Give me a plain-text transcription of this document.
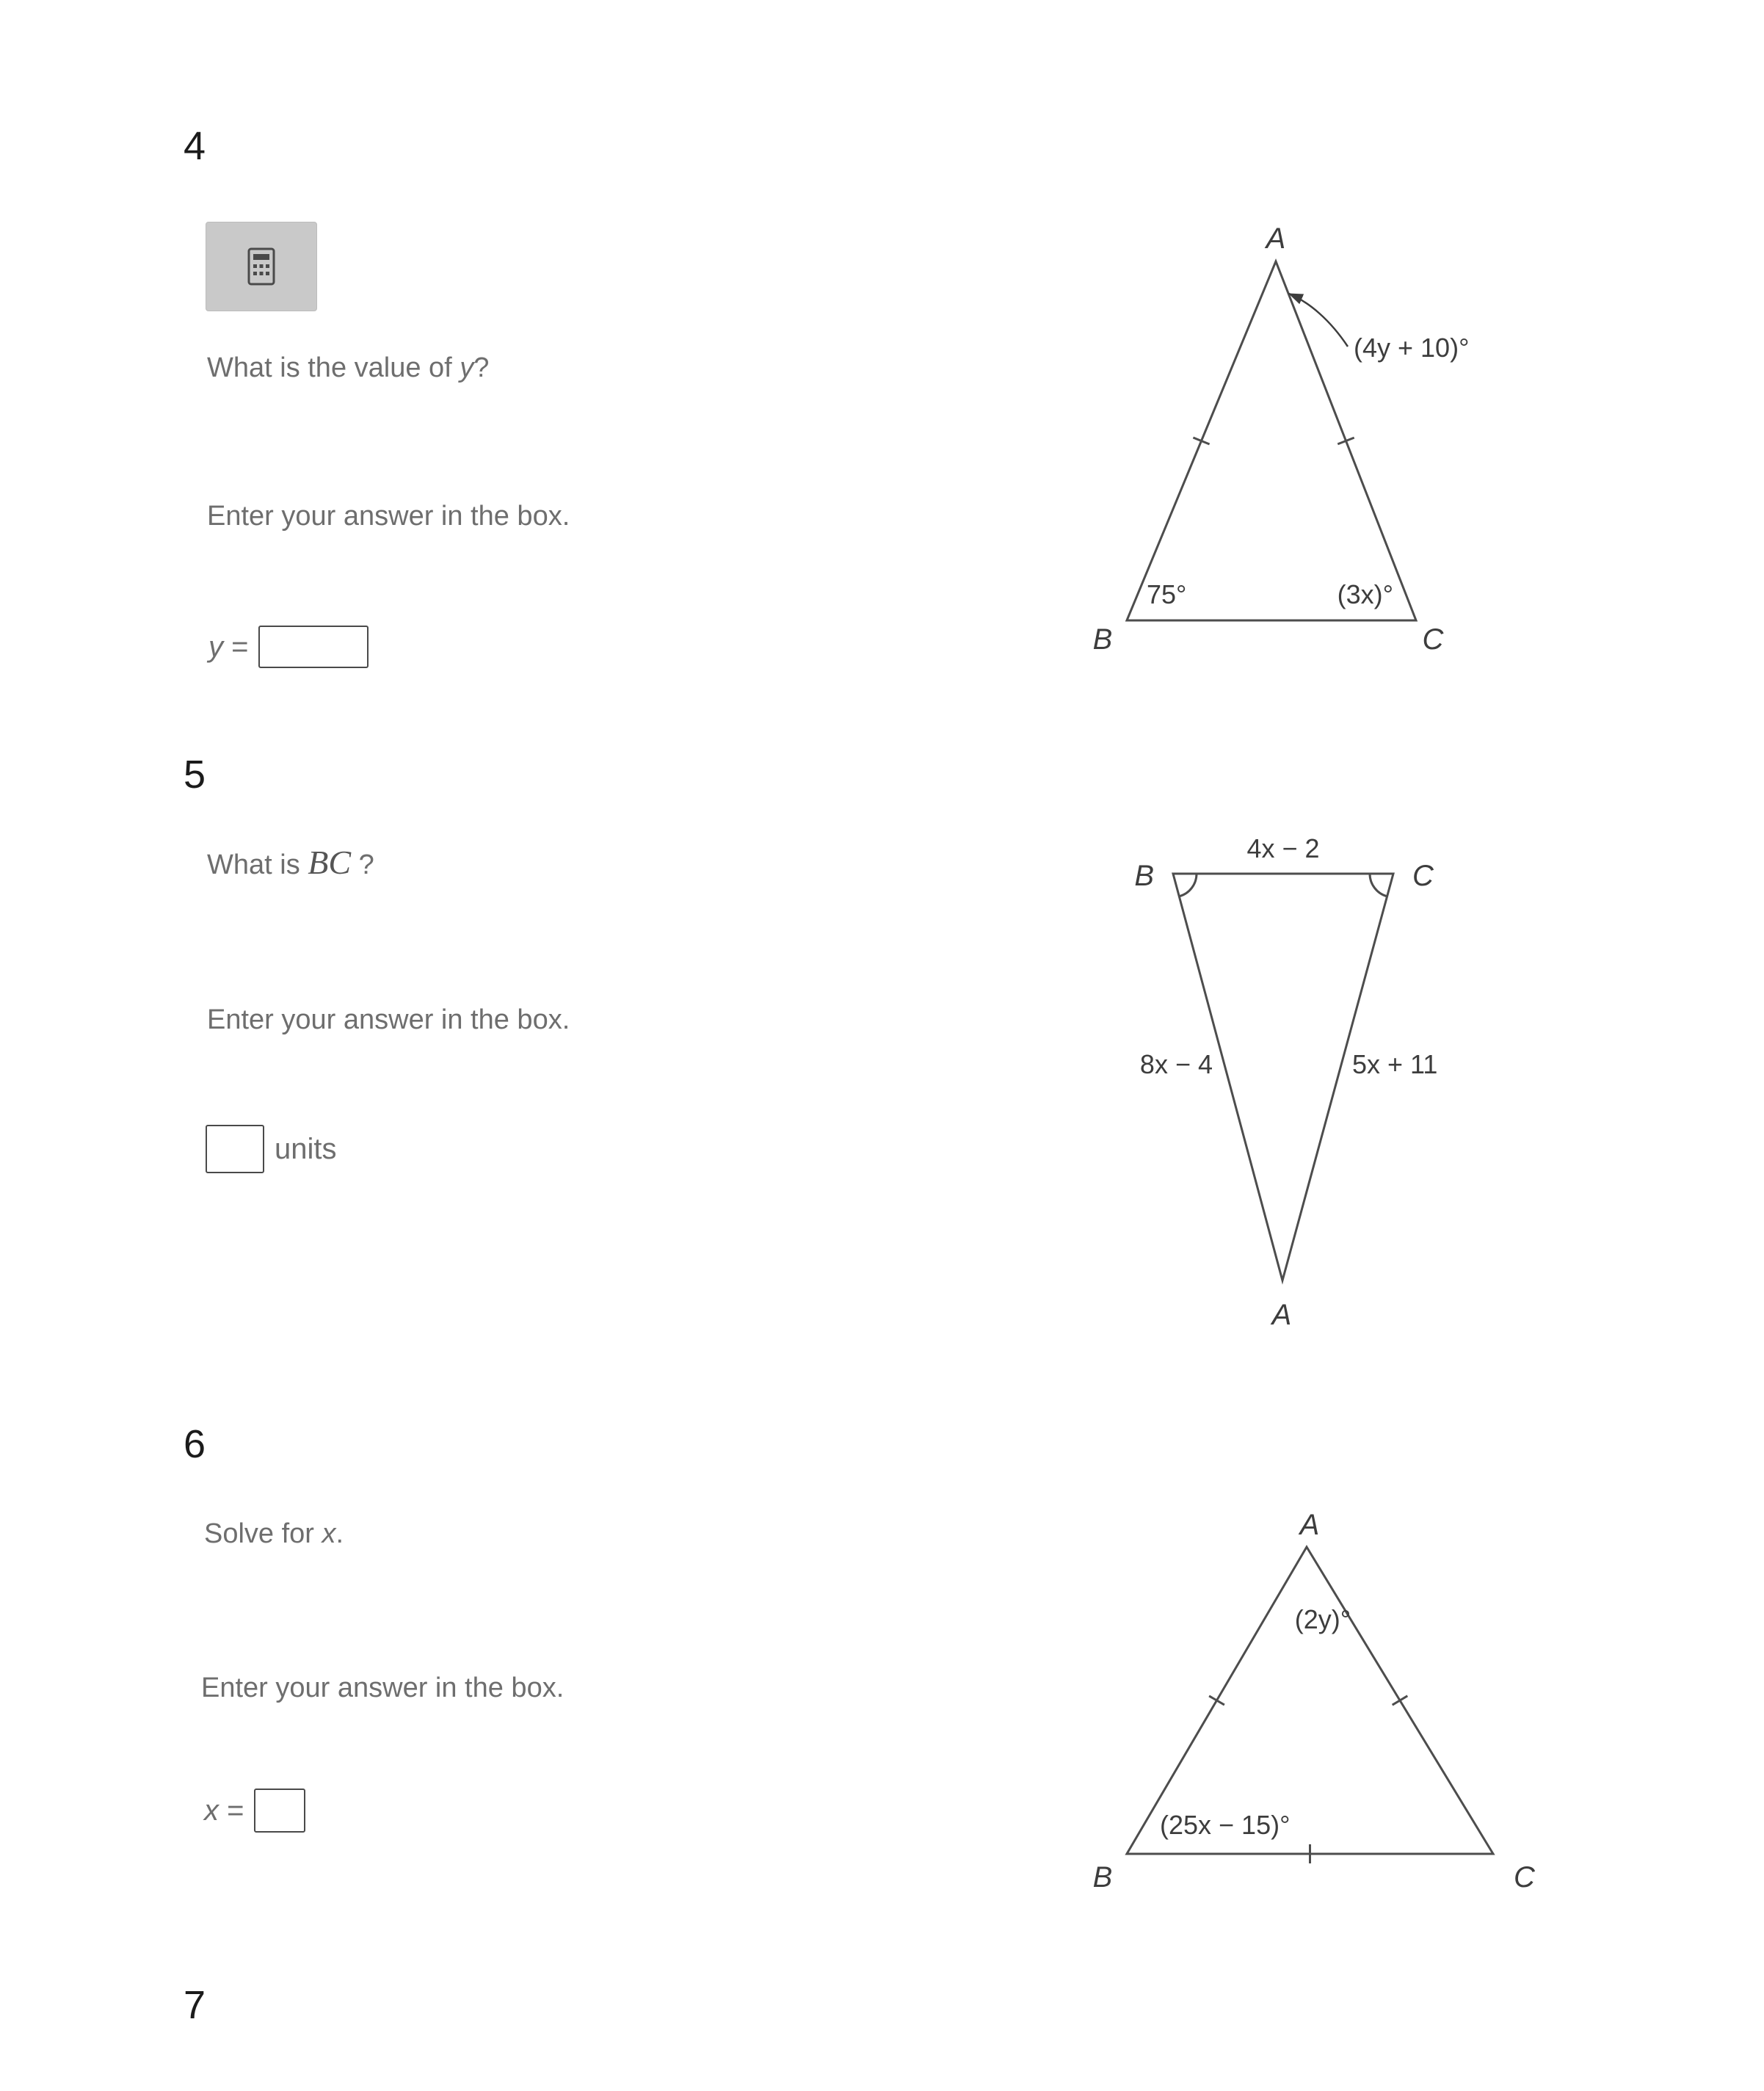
4
What is the value of y?
Enter your answer in the box.
y =
A
B	C
(4y + 10)°
75°	(3x)°
5
What is BC ?
Enter your answer in the box.
units
B	C
A
4x − 2
8x − 4	5x + 11
6
Solve for x.
Enter your answer in the box.
x =
A
B	C
(2y)°
(25x − 15)°
7
